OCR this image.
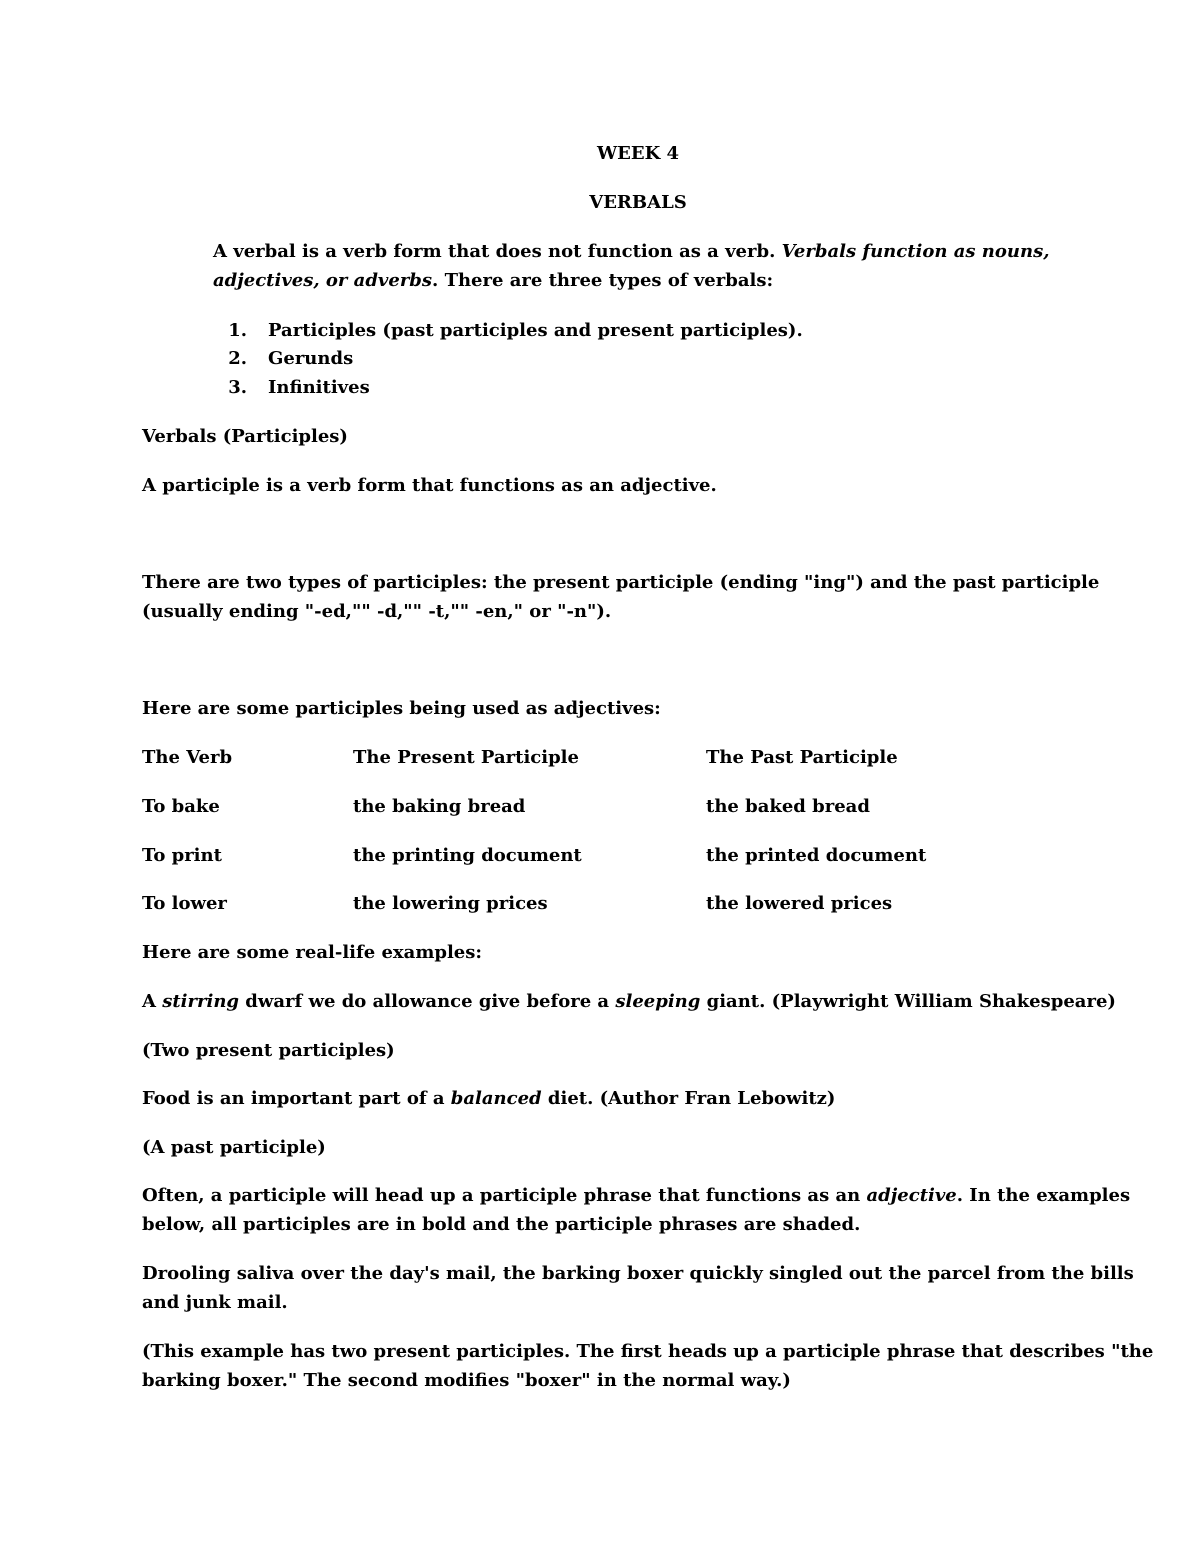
WEEK 4

VERBALS

A verbal is a verb form that does not function as a verb. Verbals function as nouns,

adjectives, or adverbs. There are three types of verbals:

1. Participles (past participles and present participles).

2. Gerunds

3. Infinitives

Verbals (Participles)

A participle is a verb form that functions as an adjective.

There are two types of participles: the present participle (ending "ing") and the past participle

(usually ending "-ed,"" -d,"" -t,"" -en," or "-n").

Here are some participles being used as adjectives:

The Verb	The Present Participle	The Past Participle
To bake	the baking bread	the baked bread
To print	the printing document	the printed document
To lower	the lowering prices	the lowered prices

Here are some real-life examples:

A stirring dwarf we do allowance give before a sleeping giant. (Playwright William Shakespeare)

(Two present participles)

Food is an important part of a balanced diet. (Author Fran Lebowitz)

(A past participle)

Often, a participle will head up a participle phrase that functions as an adjective. In the examples

below, all participles are in bold and the participle phrases are shaded.

Drooling saliva over the day's mail, the barking boxer quickly singled out the parcel from the bills

and junk mail.

(This example has two present participles. The first heads up a participle phrase that describes "the

barking boxer." The second modifies "boxer" in the normal way.)
